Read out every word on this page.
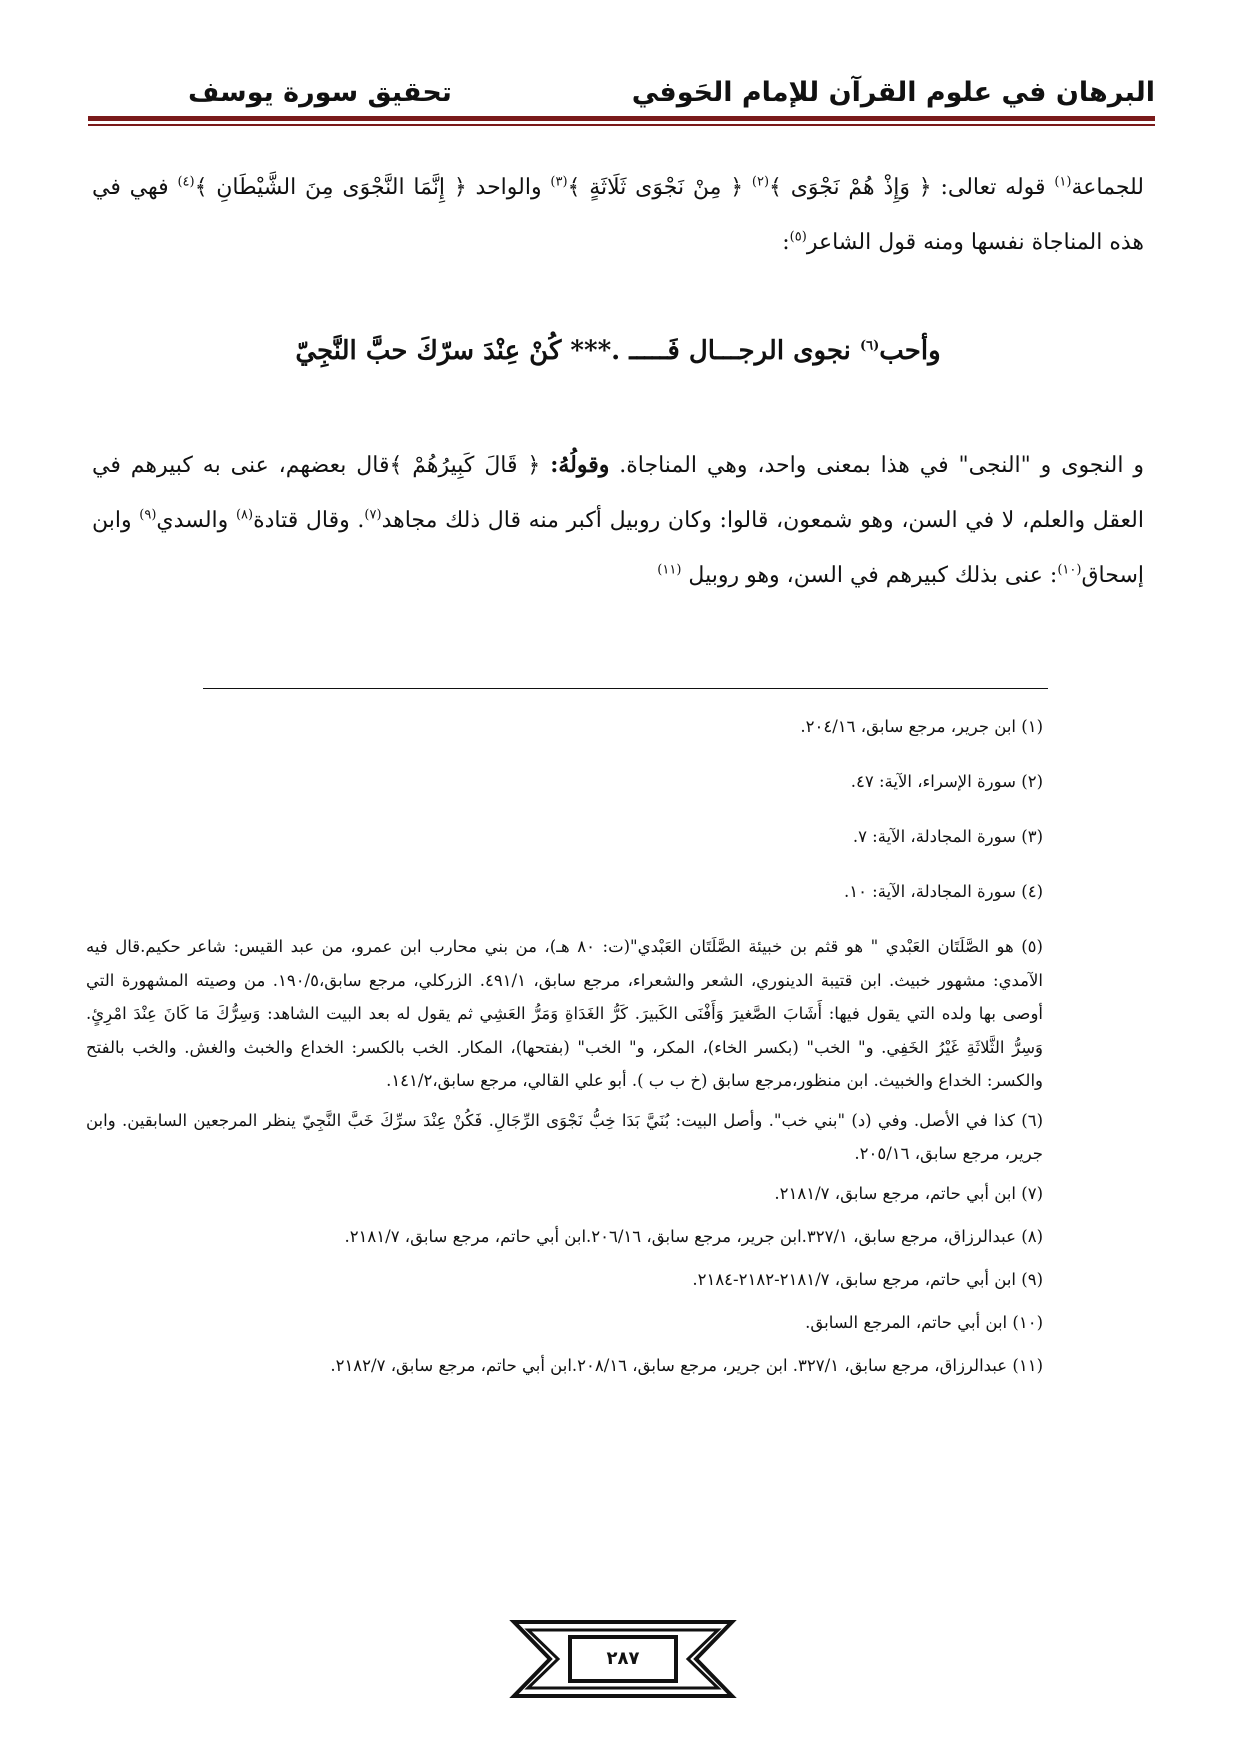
البرهان في علوم القرآن للإمام الحَوفي
تحقيق سورة يوسف
للجماعة$^{(١)}$ قوله تعالى: ﴿ وَإِذْ هُمْ نَجْوَى ﴾$^{(٢)}$ ﴿ مِنْ نَجْوَى ثَلَاثَةٍ ﴾$^{(٣)}$ والواحد ﴿ إِنَّمَا النَّجْوَى مِنَ الشَّيْطَانِ ﴾$^{(٤)}$ فهي في هذه المناجاة نفسها ومنه قول الشاعر$^{(٥)}$:
وأحب$^{(٦)}$ نجوى الرجـــال فَـــــ .*** كُنْ عِنْدَ سرّكَ حبَّ النَّجِيّ
و النجوى و "النجى" في هذا بمعنى واحد، وهي المناجاة. وقولُهُ: ﴿ قَالَ كَبِيرُهُمْ ﴾قال بعضهم، عنى به كبيرهم في العقل والعلم، لا في السن، وهو شمعون، قالوا: وكان روبيل أكبر منه قال ذلك مجاهد$^{(٧)}$. وقال قتادة$^{(٨)}$ والسدي$^{(٩)}$ وابن إسحاق$^{(١٠)}$: عنى بذلك كبيرهم في السن، وهو روبيل $^{(١١)}$
(١) ابن جرير، مرجع سابق، ٢٠٤/١٦.
(٢) سورة الإسراء، الآية: ٤٧.
(٣) سورة المجادلة، الآية: ٧.
(٤) سورة المجادلة، الآية: ١٠.
(٥) هو الصَّلَتَان العَبْدي " هو قثم بن خبيئة الصَّلَتَان العَبْدي"(ت: ٨٠ هـ)، من بني محارب ابن عمرو، من عبد القيس: شاعر حكيم.قال فيه الآمدي: مشهور خبيث. ابن قتيبة الدينوري، الشعر والشعراء، مرجع سابق، ٤٩١/١. الزركلي، مرجع سابق،١٩٠/٥. من وصيته المشهورة التي أوصى بها ولده التي يقول فيها: أَشَابَ الصَّغيرَ وَأَفْنَى الكَبيرَ. كَرُّ الغَدَاةِ وَمَرُّ العَشِي ثم يقول له بعد البيت الشاهد: وَسِرُّكَ مَا كَانَ عِنْدَ امْرِئٍ. وَسِرُّ الثَّلاثَةِ غَيْرُ الخَفِي. و" الخب" (بكسر الخاء)، المكر، و" الخب" (بفتحها)، المكار. الخب بالكسر: الخداع والخبث والغش. والخب بالفتح والكسر: الخداع والخبيث. ابن منظور،مرجع سابق (خ ب ب ). أبو علي القالي، مرجع سابق،١٤١/٢.
(٦) كذا في الأصل. وفي (د) "بني خب". وأصل البيت: بُنَيَّ بَدَا خِبُّ نَجْوَى الرِّجَالِ. فَكُنْ عِنْدَ سرِّكَ خَبَّ النَّجِيّ ينظر المرجعين السابقين. وابن جرير، مرجع سابق، ٢٠٥/١٦.
(٧) ابن أبي حاتم، مرجع سابق، ٢١٨١/٧.
(٨) عبدالرزاق، مرجع سابق، ٣٢٧/١.ابن جرير، مرجع سابق، ٢٠٦/١٦.ابن أبي حاتم، مرجع سابق، ٢١٨١/٧.
(٩) ابن أبي حاتم، مرجع سابق، ٢١٨١/٧-٢١٨٢-٢١٨٤.
(١٠) ابن أبي حاتم، المرجع السابق.
(١١) عبدالرزاق، مرجع سابق، ٣٢٧/١. ابن جرير، مرجع سابق، ٢٠٨/١٦.ابن أبي حاتم، مرجع سابق، ٢١٨٢/٧.
٢٨٧
